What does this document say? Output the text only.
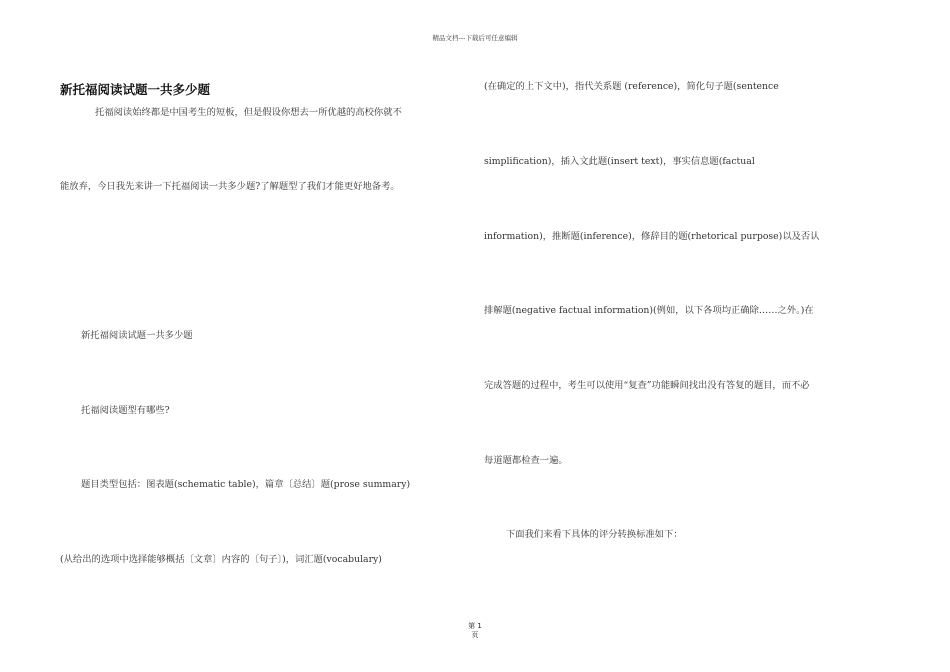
精品文档---下载后可任意编辑
新托福阅读试题一共多少题
托福阅读始终都是中国考生的短板，但是假设你想去一所优越的高校你就不
能放弃，今日我先来讲一下托福阅读一共多少题?了解题型了我们才能更好地备考。
新托福阅读试题一共多少题
托福阅读题型有哪些?
题目类型包括：图表题(schematic table)，篇章〔总结〕题(prose summary)
(从给出的选项中选择能够概括〔文章〕内容的〔句子〕)，词汇题(vocabulary)
(在确定的上下文中)，指代关系题 (reference)，简化句子题(sentence
simplification)，插入文此题(insert text)，事实信息题(factual
information)，推断题(inference)，修辞目的题(rhetorical purpose)以及否认
排解题(negative factual information)(例如，以下各项均正确除……之外。)在
完成答题的过程中，考生可以使用“复查”功能瞬间找出没有答复的题目，而不必
每道题都检查一遍。
下面我们来看下具体的评分转换标准如下：
第 1
页
